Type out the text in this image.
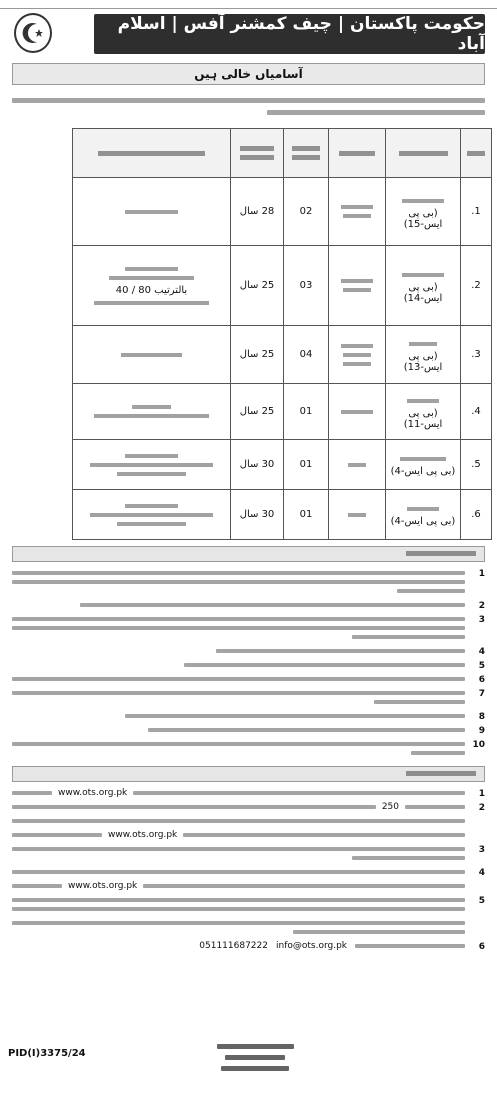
حکومت پاکستان | چیف کمشنر آفس | اسلام آباد
آسامیاں خالی ہیں

1.	(بی پی ایس-15)		02	28 سال	

2.	(بی پی ایس-14)		03	25 سال	بالترتیب 80 / 40

3.	(بی پی ایس-13)		04	25 سال	

4.	(بی پی ایس-11)		01	25 سال	

5.	(بی پی ایس-4)		01	30 سال	

6.	(بی پی ایس-4)		01	30 سال	
1
2
3
4
5
6
7
8
9
10
1
www.ots.org.pk
2
250
www.ots.org.pk
3
4
www.ots.org.pk
5
6
info@ots.org.pk
051111687222
PID(I)3375/24
